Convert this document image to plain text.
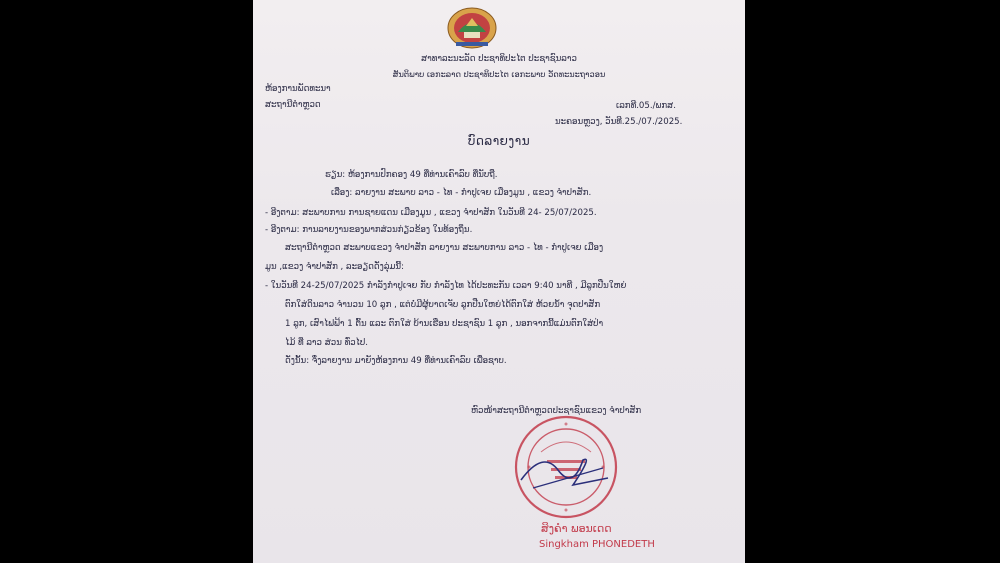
ສາທາລະນະລັດ ປະຊາທິປະໄຕ ປະຊາຊົນລາວ
ສັນຕິພາບ ເອກະລາດ ປະຊາທິປະໄຕ ເອກະພາບ ວັດທະນະຖາວອນ
ຫ້ອງການພັດທະນາ
ສະຖານີຕຳຫຼວດ	ເລກທີ.05./ພກສ.
ນະຄອນຫຼວງ, ວັນທີ.25./07./2025.
ບົດລາຍງານ
ຮຽນ: ຫ້ອງການປົກຄອງ 49 ທີ່ທ່ານເຄົາລົບ ທີ່ນັບຖື.
ເລື່ອງ: ລາຍງານ ສະພາບ ລາວ - ໄທ - ກຳປູເຈຍ ເມືອງມູນ , ແຂວງ ຈຳປາສັກ.
- ອີງຕາມ: ສະພາບການ ການຊາຍແດນ ເມືອງມູນ , ແຂວງ ຈຳປາສັກ ໃນວັນທີ 24- 25/07/2025.
- ອີງຕາມ: ການລາຍງານຂອງພາກສ່ວນກ່ຽວຂ້ອງ ໃນທ້ອງຖິ່ນ.
ສະຖານີຕຳຫຼວດ ສະພາບແຂວງ ຈຳປາສັກ ລາຍງານ ສະພາບການ ລາວ - ໄທ - ກຳປູເຈຍ ເມືອງ
ມູນ ,ແຂວງ ຈຳປາສັກ , ລະອຽດດັ່ງລຸ່ມນີ້:
- ໃນວັນທີ 24-25/07/2025 ກຳລັງກຳປູເຈຍ ກັບ ກຳລັງໄທ ໄດ້ປະທະກັນ ເວລາ 9:40 ນາທີ , ມີລູກປືນໃຫຍ່
ຕົກໃສ່ດິນລາວ ຈຳນວນ 10 ລູກ , ແຕ່ບໍ່ມີຜູ້ບາດເຈັບ ລູກປືນໃຫຍ່ໄດ້ຕົກໃສ່ ຫ້ວຍນ້ຳ ຈຸດປາສັກ
1 ລູກ, ເສົາໄຟຟ້າ 1 ຕົ້ນ ແລະ ຕົກໃສ່ ບ້ານເຮືອນ ປະຊາຊົນ 1 ລູກ , ນອກຈາກນີ້ແມ່ນຕົກໃສ່ປ່າ
ໄມ້ ທີ່ ລາວ ສ່ວນ ທົ່ວໄປ.
ດັ່ງນັ້ນ: ຈຶ່ງລາຍງານ ມາຍັງຫ້ອງການ 49 ທີ່ທ່ານເຄົາລົບ ເພື່ອຊາບ.
ຫົວໜ້າສະຖານີຕຳຫຼວດປະຊາຊົນແຂວງ ຈຳປາສັກ
ສິງຄຳ ພອນເດດ
Singkham PHONEDETH
